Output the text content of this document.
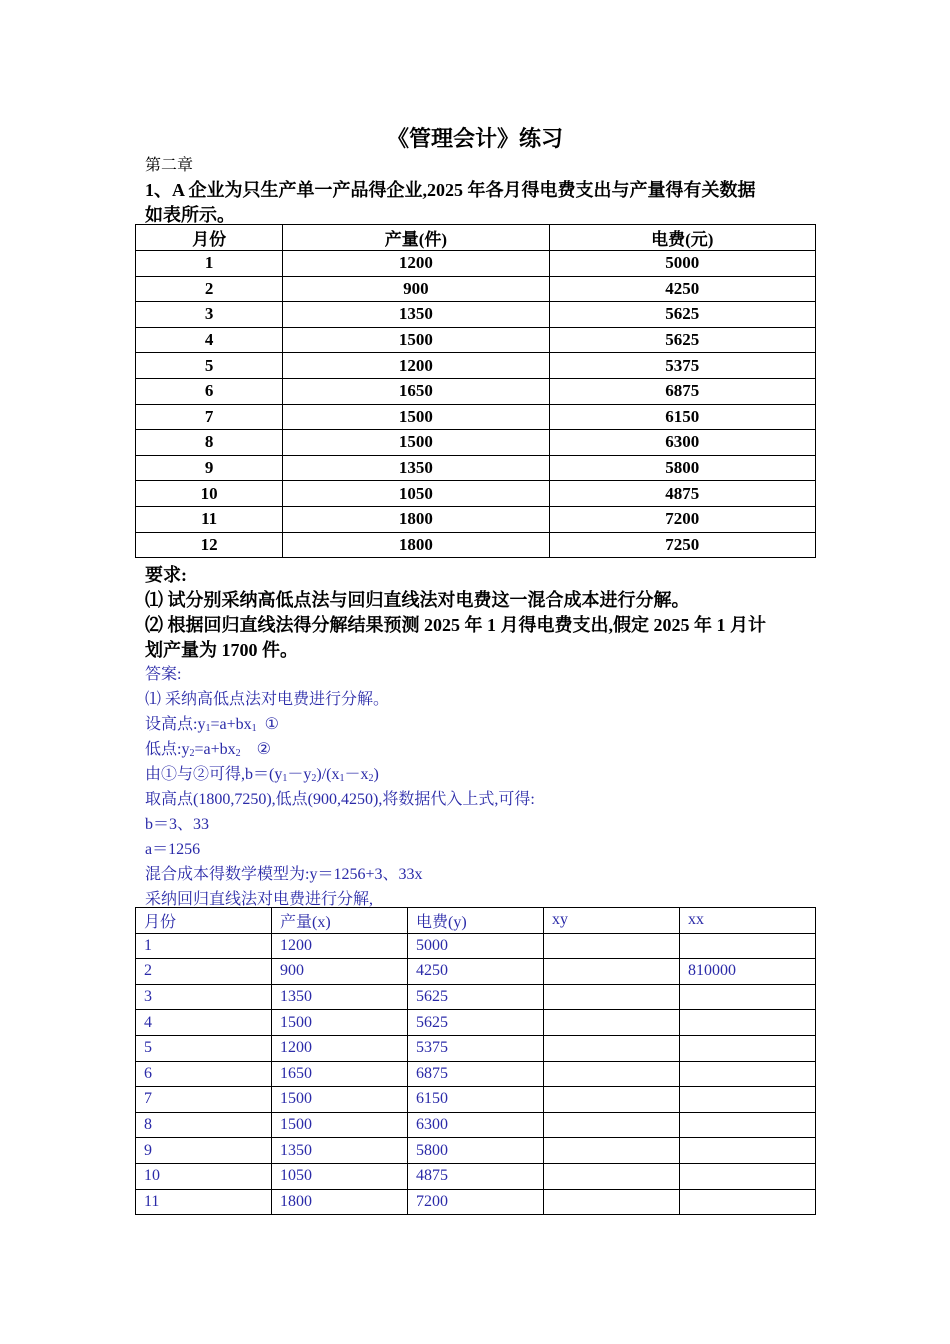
《管理会计》练习
第二章
1、A 企业为只生产单一产品得企业,2025 年各月得电费支出与产量得有关数据
如表所示。
月份	产量(件)	电费(元)
1	1200	5000
2	900	4250
3	1350	5625
4	1500	5625
5	1200	5375
6	1650	6875
7	1500	6150
8	1500	6300
9	1350	5800
10	1050	4875
11	1800	7200
12	1800	7250
要求:
⑴ 试分别采纳高低点法与回归直线法对电费这一混合成本进行分解。
⑵ 根据回归直线法得分解结果预测 2025 年 1 月得电费支出,假定 2025 年 1 月计
划产量为 1700 件。
答案:
⑴ 采纳高低点法对电费进行分解。
设高点$:y_1=a+bx_1$  ①
低点$:y_2=a+bx_2$    ②
由①与②可得$,b=(y_1-y_2)/(x_1-x_2)$
取高点(1800,7250),低点(900,4250),将数据代入上式,可得:
b＝3、33
a＝1256
混合成本得数学模型为:y＝1256+3、33x
采纳回归直线法对电费进行分解,
月份	产量(x)	电费(y)	xy	xx
1	1200	5000		
2	900	4250		810000
3	1350	5625		
4	1500	5625		
5	1200	5375		
6	1650	6875		
7	1500	6150		
8	1500	6300		
9	1350	5800		
10	1050	4875		
11	1800	7200		
